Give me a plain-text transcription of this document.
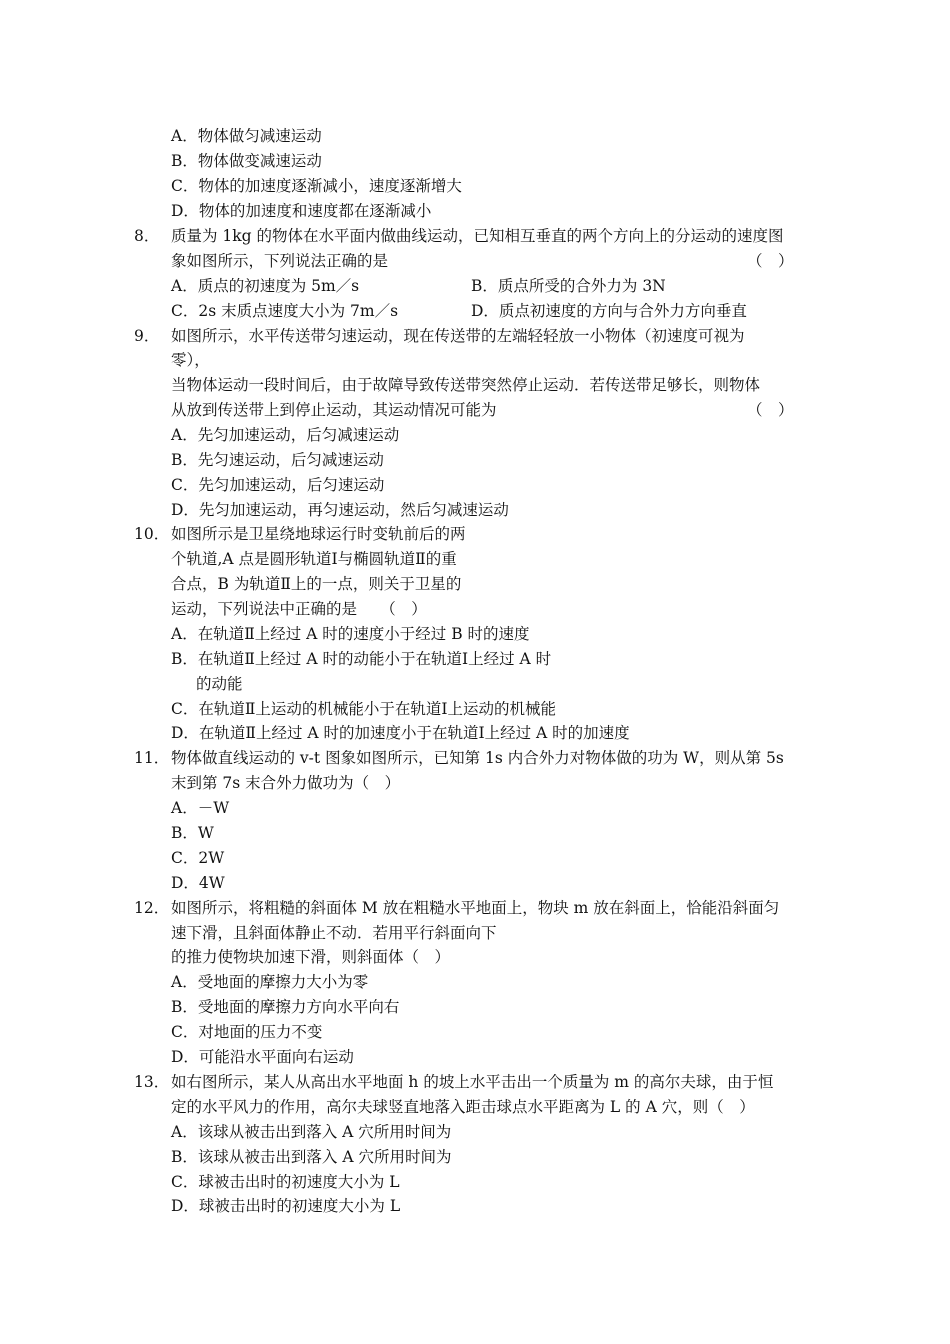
A．物体做匀减速运动
B．物体做变减速运动
C．物体的加速度逐渐减小，速度逐渐增大
D．物体的加速度和速度都在逐渐减小
8． 质量为 1kg 的物体在水平面内做曲线运动，已知相互垂直的两个方向上的分运动的速度图
象如图所示，下列说法正确的是	（　）
A．质点的初速度为 5m／s	B．质点所受的合外力为 3N
C．2s 末质点速度大小为 7m／s	D．质点初速度的方向与合外力方向垂直
9． 如图所示，水平传送带匀速运动，现在传送带的左端轻轻放一小物体（初速度可视为
零），
当物体运动一段时间后，由于故障导致传送带突然停止运动．若传送带足够长，则物体
从放到传送带上到停止运动，其运动情况可能为	（　）
A．先匀加速运动，后匀减速运动
B．先匀速运动，后匀减速运动
C．先匀加速运动，后匀速运动
D．先匀加速运动，再匀速运动，然后匀减速运动
10． 如图所示是卫星绕地球运行时变轨前后的两
个轨道,A 点是圆形轨道Ⅰ与椭圆轨道Ⅱ的重
合点，B 为轨道Ⅱ上的一点，则关于卫星的
运动，下列说法中正确的是　　（　）
A．在轨道Ⅱ上经过 A 时的速度小于经过 B 时的速度
B．在轨道Ⅱ上经过 A 时的动能小于在轨道Ⅰ上经过 A 时
的动能
C．在轨道Ⅱ上运动的机械能小于在轨道Ⅰ上运动的机械能
D．在轨道Ⅱ上经过 A 时的加速度小于在轨道Ⅰ上经过 A 时的加速度
11． 物体做直线运动的 v-t 图象如图所示，已知第 1s 内合外力对物体做的功为 W，则从第 5s
末到第 7s 末合外力做功为（　）
A．－W
B．W
C．2W
D．4W
12． 如图所示，将粗糙的斜面体 M 放在粗糙水平地面上，物块 m 放在斜面上，恰能沿斜面匀
速下滑，且斜面体静止不动．若用平行斜面向下
的推力使物块加速下滑，则斜面体（　）
A．受地面的摩擦力大小为零
B．受地面的摩擦力方向水平向右
C．对地面的压力不变
D．可能沿水平面向右运动
13． 如右图所示，某人从高出水平地面 h 的坡上水平击出一个质量为 m 的高尔夫球，由于恒
定的水平风力的作用，高尔夫球竖直地落入距击球点水平距离为 L 的 A 穴，则（　）
A．该球从被击出到落入 A 穴所用时间为
B．该球从被击出到落入 A 穴所用时间为
C．球被击出时的初速度大小为 L
D．球被击出时的初速度大小为 L
